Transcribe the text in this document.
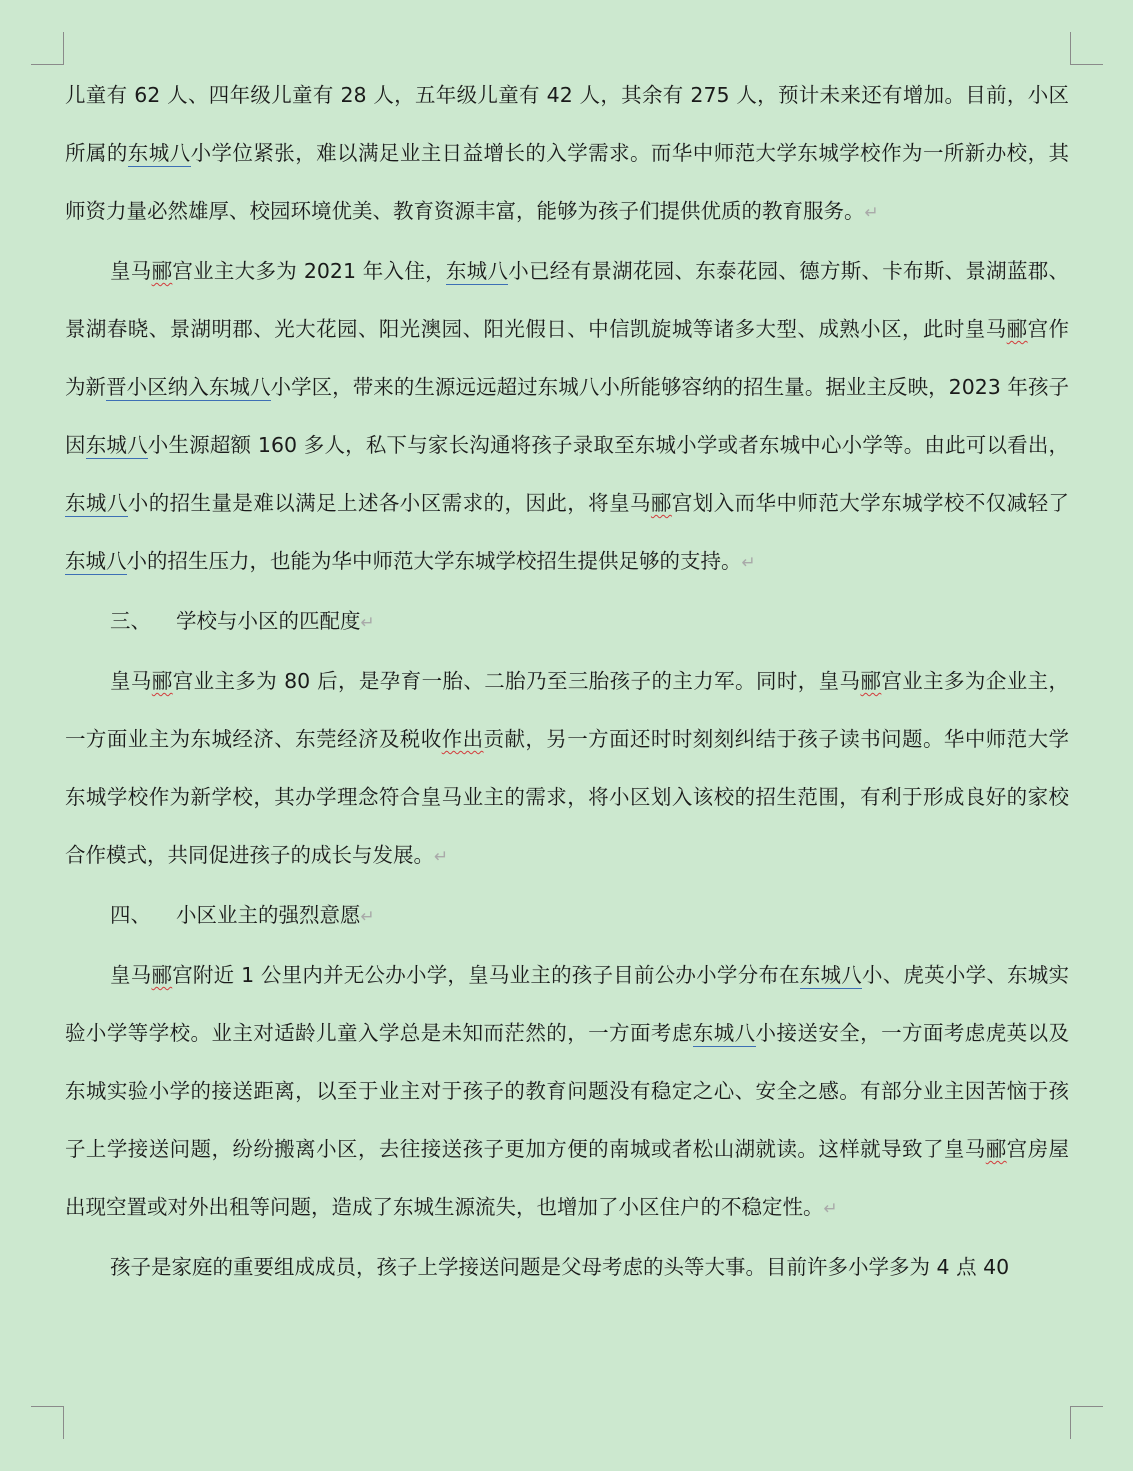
儿童有 62 人、四年级儿童有 28 人，五年级儿童有 42 人，其余有 275 人，预计未来还有增加。目前，小区所属的东城八小学位紧张，难以满足业主日益增长的入学需求。而华中师范大学东城学校作为一所新办校，其师资力量必然雄厚、校园环境优美、教育资源丰富，能够为孩子们提供优质的教育服务。↵

皇马郦宫业主大多为 2021 年入住，东城八小已经有景湖花园、东泰花园、德方斯、卡布斯、景湖蓝郡、景湖春晓、景湖明郡、光大花园、阳光澳园、阳光假日、中信凯旋城等诸多大型、成熟小区，此时皇马郦宫作为新晋小区纳入东城八小学区，带来的生源远远超过东城八小所能够容纳的招生量。据业主反映，2023 年孩子因东城八小生源超额 160 多人，私下与家长沟通将孩子录取至东城小学或者东城中心小学等。由此可以看出，东城八小的招生量是难以满足上述各小区需求的，因此，将皇马郦宫划入而华中师范大学东城学校不仅减轻了东城八小的招生压力，也能为华中师范大学东城学校招生提供足够的支持。↵

三、 学校与小区的匹配度↵

皇马郦宫业主多为 80 后，是孕育一胎、二胎乃至三胎孩子的主力军。同时，皇马郦宫业主多为企业主，一方面业主为东城经济、东莞经济及税收作出贡献，另一方面还时时刻刻纠结于孩子读书问题。华中师范大学东城学校作为新学校，其办学理念符合皇马业主的需求，将小区划入该校的招生范围，有利于形成良好的家校合作模式，共同促进孩子的成长与发展。↵

四、 小区业主的强烈意愿↵

皇马郦宫附近 1 公里内并无公办小学，皇马业主的孩子目前公办小学分布在东城八小、虎英小学、东城实验小学等学校。业主对适龄儿童入学总是未知而茫然的，一方面考虑东城八小接送安全，一方面考虑虎英以及东城实验小学的接送距离，以至于业主对于孩子的教育问题没有稳定之心、安全之感。有部分业主因苦恼于孩子上学接送问题，纷纷搬离小区，去往接送孩子更加方便的南城或者松山湖就读。这样就导致了皇马郦宫房屋出现空置或对外出租等问题，造成了东城生源流失，也增加了小区住户的不稳定性。↵

孩子是家庭的重要组成成员，孩子上学接送问题是父母考虑的头等大事。目前许多小学多为 4 点 40
